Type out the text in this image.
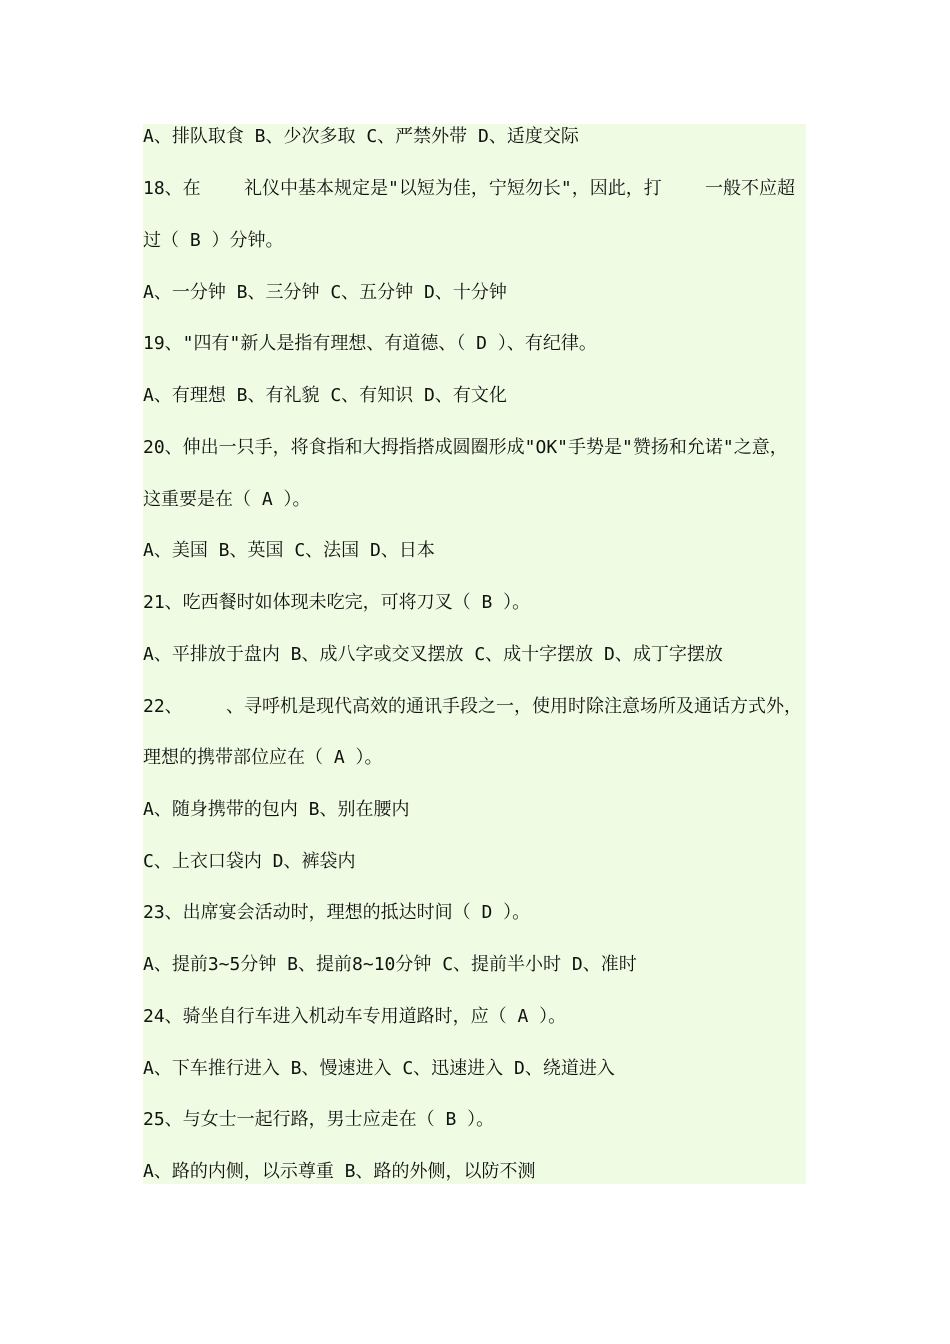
A、排队取食 B、少次多取 C、严禁外带 D、适度交际
18、在    礼仪中基本规定是"以短为佳，宁短勿长"，因此，打    一般不应超
过（ B ）分钟。
A、一分钟 B、三分钟 C、五分钟 D、十分钟
19、"四有"新人是指有理想、有道德、（ D ）、有纪律。
A、有理想 B、有礼貌 C、有知识 D、有文化
20、伸出一只手，将食指和大拇指搭成圆圈形成"OK"手势是"赞扬和允诺"之意，
这重要是在（ A ）。
A、美国 B、英国 C、法国 D、日本
21、吃西餐时如体现未吃完，可将刀叉（ B ）。
A、平排放于盘内 B、成八字或交叉摆放 C、成十字摆放 D、成丁字摆放
22、    、寻呼机是现代高效的通讯手段之一，使用时除注意场所及通话方式外，
理想的携带部位应在（ A ）。
A、随身携带的包内 B、别在腰内
C、上衣口袋内 D、裤袋内
23、出席宴会活动时，理想的抵达时间（ D ）。
A、提前3~5分钟 B、提前8~10分钟 C、提前半小时 D、准时
24、骑坐自行车进入机动车专用道路时，应（ A ）。
A、下车推行进入 B、慢速进入 C、迅速进入 D、绕道进入
25、与女士一起行路，男士应走在（ B ）。
A、路的内侧，以示尊重 B、路的外侧，以防不测
